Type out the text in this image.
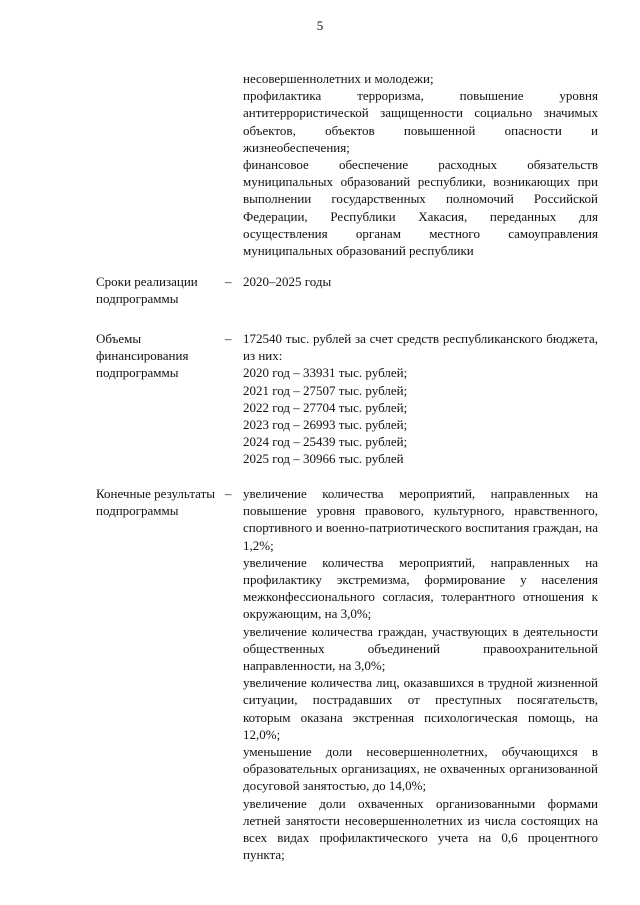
5

несовершеннолетних и молодежи;

профилактика терроризма, повышение уровня антитеррористической защищенности социально значимых объектов, объектов повышенной опасности и жизнеобеспечения;

финансовое обеспечение расходных обязательств муниципальных образований республики, возникающих при выполнении государственных полномочий Российской Федерации, Республики Хакасия, переданных для осуществления органам местного самоуправления муниципальных образований республики

Сроки реализации подпрограммы
– 2020–2025 годы

Объемы финансирования подпрограммы
– 172540 тыс. рублей за счет средств республиканского бюджета, из них:

2020 год – 33931 тыс. рублей;
2021 год – 27507 тыс. рублей;
2022 год – 27704 тыс. рублей;
2023 год – 26993 тыс. рублей;
2024 год – 25439 тыс. рублей;
2025 год – 30966 тыс. рублей
Конечные результаты подпрограммы
– увеличение количества мероприятий, направленных на повышение уровня правового, культурного, нравственного, спортивного и военно-патриотического воспитания граждан, на 1,2%;

увеличение количества мероприятий, направленных на профилактику экстремизма, формирование у населения межконфессионального согласия, толерантного отношения к окружающим, на 3,0%;

увеличение количества граждан, участвующих в деятельности общественных объединений правоохранительной направленности, на 3,0%;

увеличение количества лиц, оказавшихся в трудной жизненной ситуации, пострадавших от преступных посягательств, которым оказана экстренная психологическая помощь, на 12,0%;

уменьшение доли несовершеннолетних, обучающихся в образовательных организациях, не охваченных организованной досуговой занятостью, до 14,0%;

увеличение доли охваченных организованными формами летней занятости несовершеннолетних из числа состоящих на всех видах профилактического учета на 0,6 процентного пункта;
